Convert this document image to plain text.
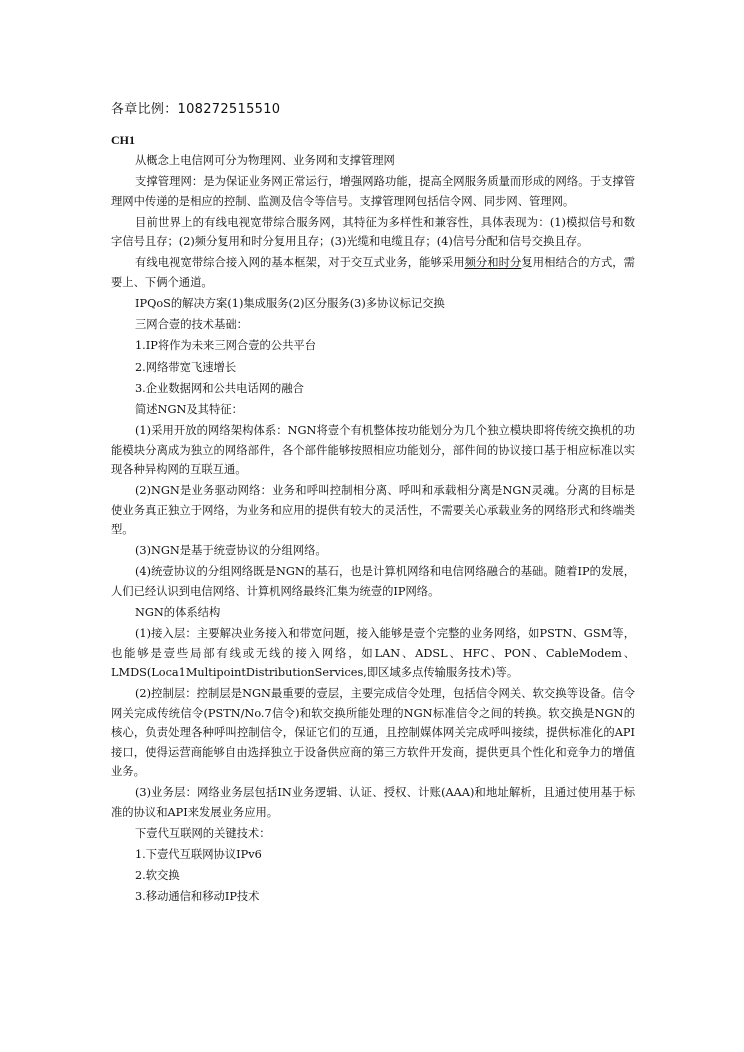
各章比例：108272515510
CH1

从概念上电信网可分为物理网、业务网和支撑管理网

支撑管理网：是为保证业务网正常运行，增强网路功能，提高全网服务质量而形成的网络。于支撑管理网中传递的是相应的控制、监测及信令等信号。支撑管理网包括信令网、同步网、管理网。

目前世界上的有线电视宽带综合服务网，其特征为多样性和兼容性，具体表现为：(1)模拟信号和数字信号且存；(2)频分复用和时分复用且存；(3)光缆和电缆且存；(4)信号分配和信号交换且存。

有线电视宽带综合接入网的基本框架，对于交互式业务，能够采用频分和时分复用相结合的方式，需要上、下俩个通道。

IPQoS的解决方案(1)集成服务(2)区分服务(3)多协议标记交换

三网合壹的技术基础：

1.IP将作为未来三网合壹的公共平台

2.网络带宽飞速增长

3.企业数据网和公共电话网的融合

简述NGN及其特征：

(1)采用开放的网络架构体系：NGN将壹个有机整体按功能划分为几个独立模块即将传统交换机的功能模块分离成为独立的网络部件，各个部件能够按照相应功能划分，部件间的协议接口基于相应标准以实现各种异构网的互联互通。

(2)NGN是业务驱动网络：业务和呼叫控制相分离、呼叫和承载相分离是NGN灵魂。分离的目标是使业务真正独立于网络，为业务和应用的提供有较大的灵活性，不需要关心承载业务的网络形式和终端类型。

(3)NGN是基于统壹协议的分组网络。

(4)统壹协议的分组网络既是NGN的基石，也是计算机网络和电信网络融合的基础。随着IP的发展，人们已经认识到电信网络、计算机网络最终汇集为统壹的IP网络。

NGN的体系结构

(1)接入层：主要解决业务接入和带宽问题，接入能够是壹个完整的业务网络，如PSTN、GSM等，也能够是壹些局部有线或无线的接入网络，如LAN、ADSL、HFC、PON、CableModem、LMDS(Loca1MultipointDistributionServices,即区域多点传输服务技术)等。

(2)控制层：控制层是NGN最重要的壹层，主要完成信令处理，包括信令网关、软交换等设备。信令网关完成传统信令(PSTN/No.7信令)和软交换所能处理的NGN标准信令之间的转换。软交换是NGN的核心，负责处理各种呼叫控制信令，保证它们的互通，且控制媒体网关完成呼叫接续，提供标准化的API接口，使得运营商能够自由选择独立于设备供应商的第三方软件开发商，提供更具个性化和竞争力的增值业务。

(3)业务层：网络业务层包括IN业务逻辑、认证、授权、计账(AAA)和地址解析，且通过使用基于标准的协议和API来发展业务应用。

下壹代互联网的关键技术：

1.下壹代互联网协议IPv6

2.软交换

3.移动通信和移动IP技术
